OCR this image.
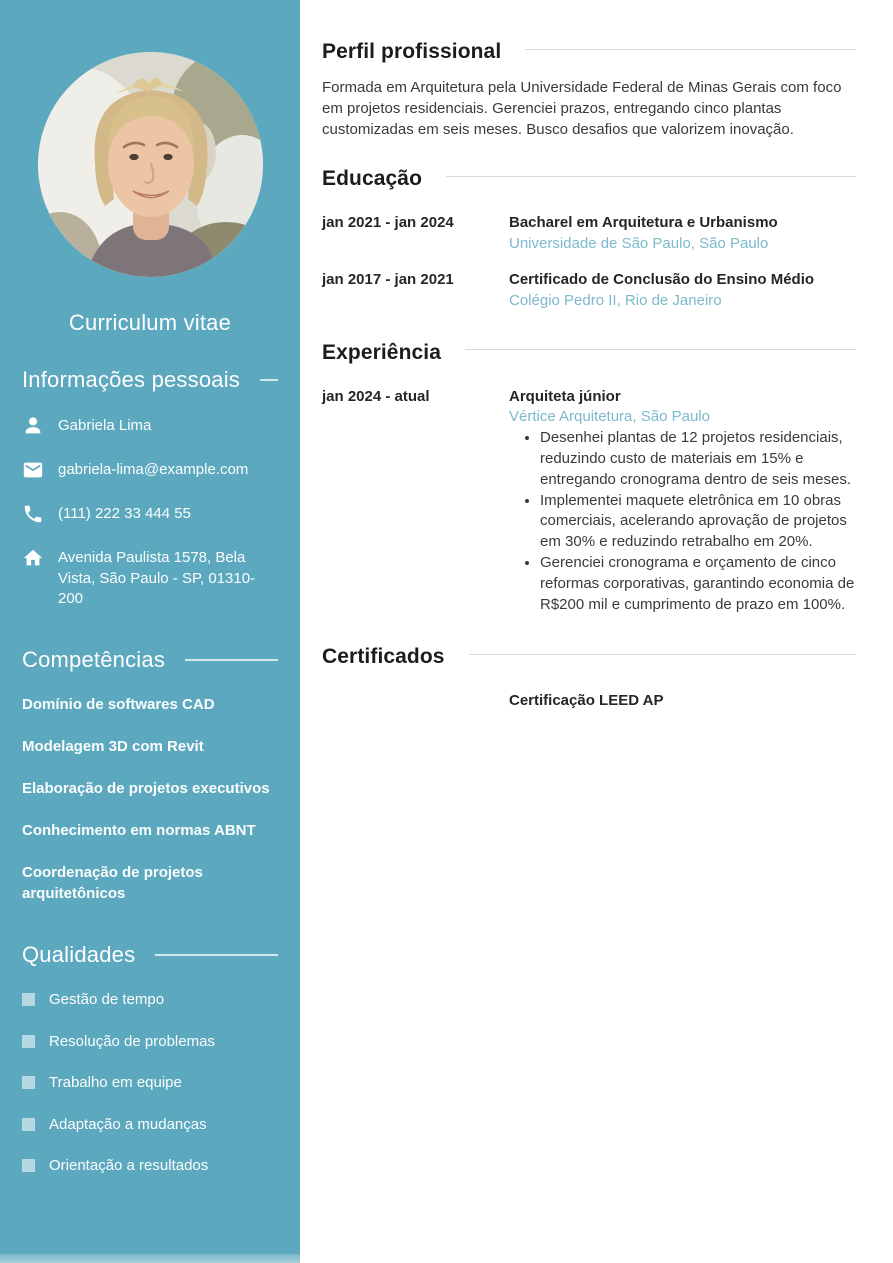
Curriculum vitae
Informações pessoais
Gabriela Lima
gabriela-lima@example.com
(111) 222 33 444 55
Avenida Paulista 1578, Bela Vista, São Paulo - SP, 01310-200
Competências
Domínio de softwares CAD
Modelagem 3D com Revit
Elaboração de projetos executivos
Conhecimento em normas ABNT
Coordenação de projetos arquitetônicos
Qualidades
Gestão de tempo
Resolução de problemas
Trabalho em equipe
Adaptação a mudanças
Orientação a resultados
Perfil profissional

Formada em Arquitetura pela Universidade Federal de Minas Gerais com foco em projetos residenciais. Gerenciei prazos, entregando cinco plantas customizadas em seis meses. Busco desafios que valorizem inovação.

Educação
jan 2021 - jan 2024	Bacharel em Arquitetura e Urbanismo
Universidade de São Paulo, São Paulo
jan 2017 - jan 2021	Certificado de Conclusão do Ensino Médio
Colégio Pedro II, Rio de Janeiro
Experiência
jan 2024 - atual	Arquiteta júnior
Vértice Arquitetura, São Paulo
• Desenhei plantas de 12 projetos residenciais, reduzindo custo de materiais em 15% e entregando cronograma dentro de seis meses.
• Implementei maquete eletrônica em 10 obras comerciais, acelerando aprovação de projetos em 30% e reduzindo retrabalho em 20%.
• Gerenciei cronograma e orçamento de cinco reformas corporativas, garantindo economia de R$200 mil e cumprimento de prazo em 100%.
Certificados
Certificação LEED AP
